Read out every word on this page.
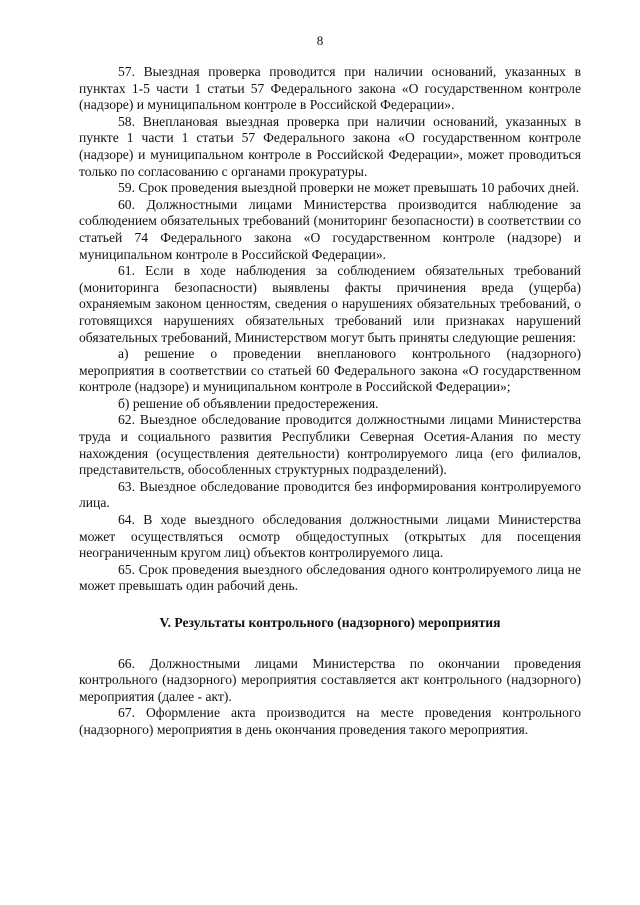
8

57. Выездная проверка проводится при наличии оснований, указанных в пунктах 1-5 части 1 статьи 57 Федерального закона «О государственном контроле (надзоре) и муниципальном контроле в Российской Федерации».

58. Внеплановая выездная проверка при наличии оснований, указанных в пункте 1 части 1 статьи 57 Федерального закона «О государственном контроле (надзоре) и муниципальном контроле в Российской Федерации», может проводиться только по согласованию с органами прокуратуры.

59. Срок проведения выездной проверки не может превышать 10 рабочих дней.

60. Должностными лицами Министерства производится наблюдение за соблюдением обязательных требований (мониторинг безопасности) в соответствии со статьей 74 Федерального закона «О государственном контроле (надзоре) и муниципальном контроле в Российской Федерации».

61. Если в ходе наблюдения за соблюдением обязательных требований (мониторинга безопасности) выявлены факты причинения вреда (ущерба) охраняемым законом ценностям, сведения о нарушениях обязательных требований, о готовящихся нарушениях обязательных требований или признаках нарушений обязательных требований, Министерством могут быть приняты следующие решения:

а) решение о проведении внепланового контрольного (надзорного) мероприятия в соответствии со статьей 60 Федерального закона «О государственном контроле (надзоре) и муниципальном контроле в Российской Федерации»;

б) решение об объявлении предостережения.

62. Выездное обследование проводится должностными лицами Министерства труда и социального развития Республики Северная Осетия-Алания по месту нахождения (осуществления деятельности) контролируемого лица (его филиалов, представительств, обособленных структурных подразделений).

63. Выездное обследование проводится без информирования контролируемого лица.

64. В ходе выездного обследования должностными лицами Министерства может осуществляться осмотр общедоступных (открытых для посещения неограниченным кругом лиц) объектов контролируемого лица.

65. Срок проведения выездного обследования одного контролируемого лица не может превышать один рабочий день.

V. Результаты контрольного (надзорного) мероприятия

66. Должностными лицами Министерства по окончании проведения контрольного (надзорного) мероприятия составляется акт контрольного (надзорного) мероприятия (далее - акт).

67. Оформление акта производится на месте проведения контрольного (надзорного) мероприятия в день окончания проведения такого мероприятия.
